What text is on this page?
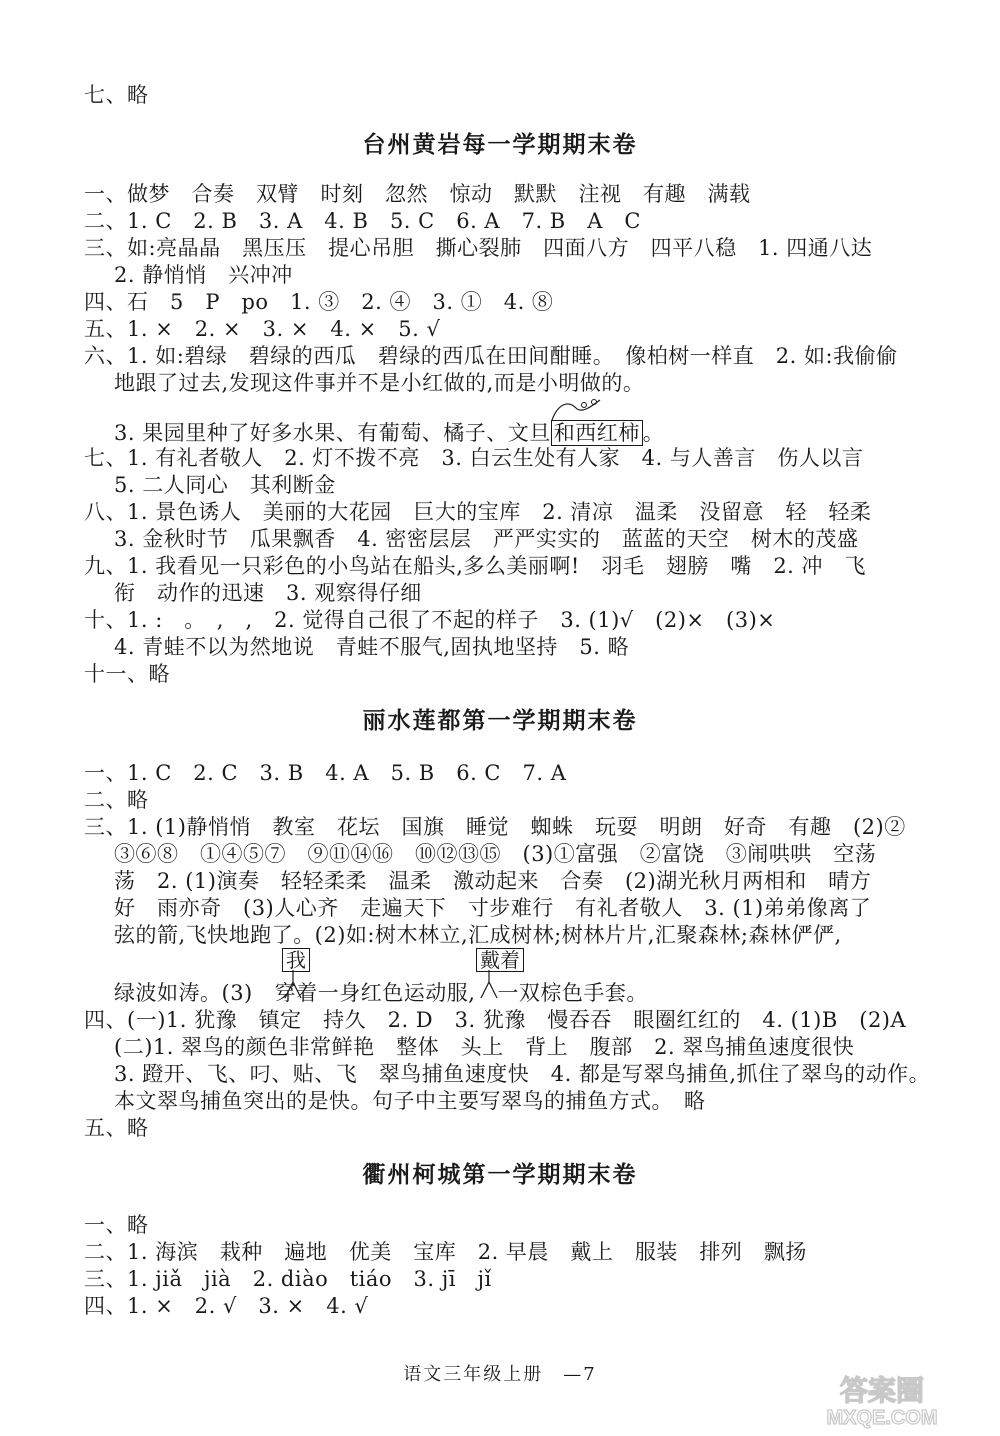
七、略
台州黄岩每一学期期末卷
一、做梦　合奏　双臂　时刻　忽然　惊动　默默　注视　有趣　满载
二、1. C　2. B　3. A　4. B　5. C　6. A　7. B　A　C
三、如:亮晶晶　黑压压　提心吊胆　撕心裂肺　四面八方　四平八稳　1. 四通八达
2. 静悄悄　兴冲冲
四、石　5　P　po　1. ③　2. ④　3. ①　4. ⑧
五、1. ×　2. ×　3. ×　4. ×　5. √
六、1. 如:碧绿　碧绿的西瓜　碧绿的西瓜在田间酣睡。　像柏树一样直　2. 如:我偷偷
地跟了过去,发现这件事并不是小红做的,而是小明做的。
3. 果园里种了好多水果、有葡萄、橘子、文旦 和西红柿 。
七、1. 有礼者敬人　2. 灯不拨不亮　3. 白云生处有人家　4. 与人善言　伤人以言
5. 二人同心　其利断金
八、1. 景色诱人　美丽的大花园　巨大的宝库　2. 清凉　温柔　没留意　轻　轻柔
3. 金秋时节　瓜果飘香　4. 密密层层　严严实实的　蓝蓝的天空　树木的茂盛
九、1. 我看见一只彩色的小鸟站在船头,多么美丽啊!　羽毛　翅膀　嘴　2. 冲　飞
衔　动作的迅速　3. 观察得仔细
十、1. :　。　,　,　2. 觉得自己很了不起的样子　3. (1)√　(2)×　(3)×
4. 青蛙不以为然地说　青蛙不服气,固执地坚持　5. 略
十一、略
丽水莲都第一学期期末卷
一、1. C　2. C　3. B　4. A　5. B　6. C　7. A
二、略
三、1. (1)静悄悄　教室　花坛　国旗　睡觉　蜘蛛　玩耍　明朗　好奇　有趣　(2)②
③⑥⑧　①④⑤⑦　⑨⑪⑭⑯　⑩⑫⑬⑮　(3)①富强　②富饶　③闹哄哄　空荡
荡　2. (1)演奏　轻轻柔柔　温柔　激动起来　合奏　(2)湖光秋月两相和　晴方
好　雨亦奇　(3)人心齐　走遍天下　寸步难行　有礼者敬人　3. (1)弟弟像离了
弦的箭,飞快地跑了。(2)如:树木林立,汇成树林;树林片片,汇聚森林;森林俨俨,
绿波如涛。(3) 穿着一身红色运动服, 一双棕色手套。
我	戴着
四、(一)1. 犹豫　镇定　持久　2. D　3. 犹豫　慢吞吞　眼圈红红的　4. (1)B　(2)A
(二)1. 翠鸟的颜色非常鲜艳　整体　头上　背上　腹部　2. 翠鸟捕鱼速度很快
3. 蹬开、飞、叼、贴、飞　翠鸟捕鱼速度快　4. 都是写翠鸟捕鱼,抓住了翠鸟的动作。
本文翠鸟捕鱼突出的是快。句子中主要写翠鸟的捕鱼方式。　略
五、略
衢州柯城第一学期期末卷
一、略
二、1. 海滨　栽种　遍地　优美　宝库　2. 早晨　戴上　服装　排列　飘扬
三、1. jiǎ　jià　2. diào　tiáo　3. jī　jǐ
四、1. ×　2. √　3. ×　4. √
语文三年级上册　—7
答案圈
MXQE.COM
